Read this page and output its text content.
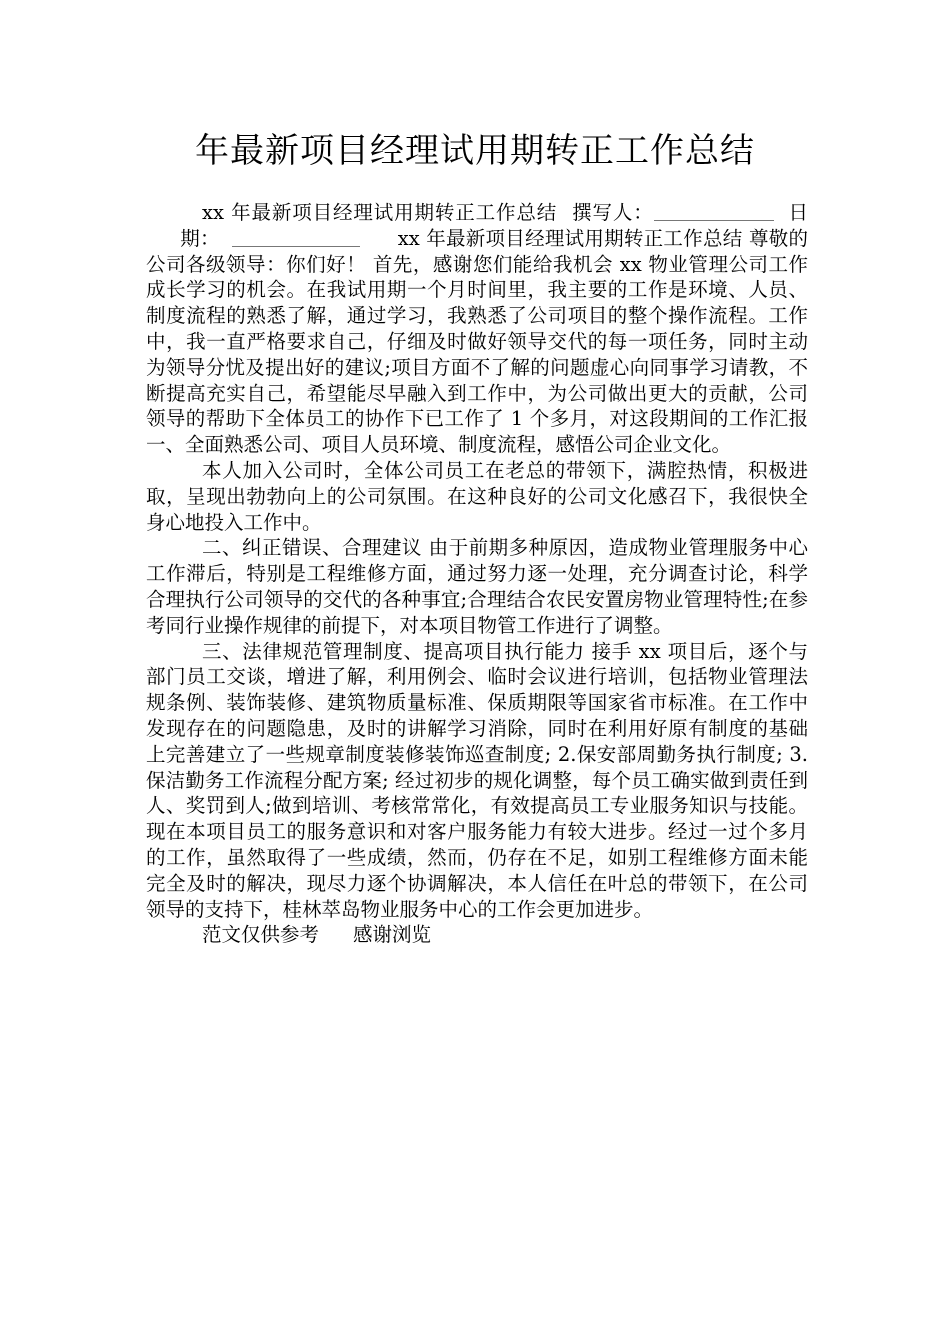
年最新项目经理试用期转正工作总结

xx 年最新项目经理试用期转正工作总结 撰写人：	日期：	xx 年最新项目经理试用期转正工作总结 尊敬的公司各级领导：你们好！ 首先，感谢您们能给我机会 xx 物业管理公司工作成长学习的机会。在我试用期一个月时间里，我主要的工作是环境、人员、制度流程的熟悉了解，通过学习，我熟悉了公司项目的整个操作流程。工作中，我一直严格要求自己，仔细及时做好领导交代的每一项任务，同时主动为领导分忧及提出好的建议;项目方面不了解的问题虚心向同事学习请教，不断提高充实自己，希望能尽早融入到工作中，为公司做出更大的贡献，公司领导的帮助下全体员工的协作下已工作了 1 个多月，对这段期间的工作汇报 一、全面熟悉公司、项目人员环境、制度流程，感悟公司企业文化。

本人加入公司时，全体公司员工在老总的带领下，满腔热情，积极进取，呈现出勃勃向上的公司氛围。在这种良好的公司文化感召下，我很快全身心地投入工作中。

二、纠正错误、合理建议 由于前期多种原因，造成物业管理服务中心工作滞后，特别是工程维修方面，通过努力逐一处理，充分调查讨论，科学合理执行公司领导的交代的各种事宜;合理结合农民安置房物业管理特性;在参考同行业操作规律的前提下，对本项目物管工作进行了调整。

三、法律规范管理制度、提高项目执行能力 接手 xx 项目后，逐个与部门员工交谈，增进了解，利用例会、临时会议进行培训，包括物业管理法规条例、装饰装修、建筑物质量标准、保质期限等国家省市标准。在工作中发现存在的问题隐患，及时的讲解学习消除，同时在利用好原有制度的基础上完善建立了一些规章制度装修装饰巡查制度; 2.保安部周勤务执行制度; 3.保洁勤务工作流程分配方案; 经过初步的规化调整，每个员工确实做到责任到人、奖罚到人;做到培训、考核常常化，有效提高员工专业服务知识与技能。现在本项目员工的服务意识和对客户服务能力有较大进步。经过一过个多月的工作，虽然取得了一些成绩，然而，仍存在不足，如别工程维修方面未能完全及时的解决，现尽力逐个协调解决，本人信任在叶总的带领下，在公司领导的支持下，桂林萃岛物业服务中心的工作会更加进步。

范文仅供参考 感谢浏览
